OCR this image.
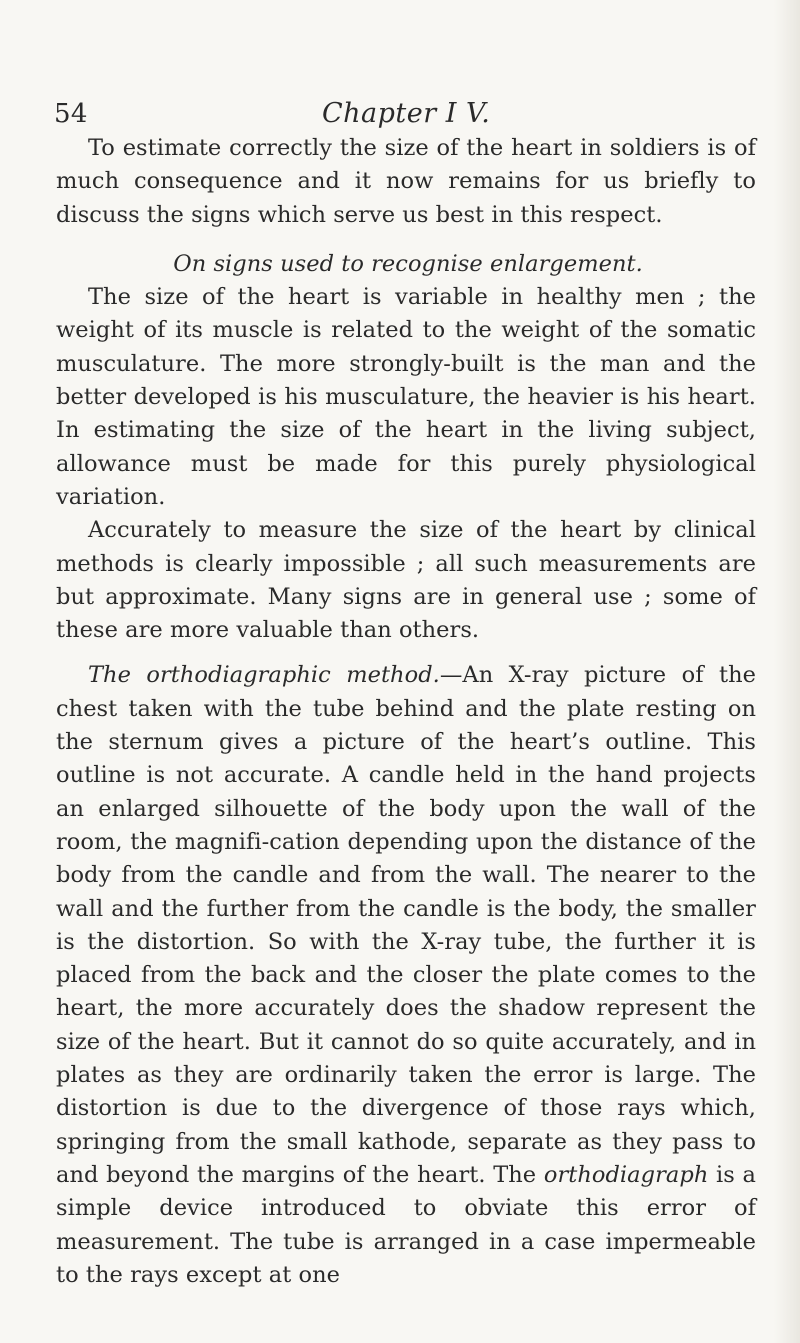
54	Chapter I V.

To estimate correctly the size of the heart in soldiers is of much consequence and it now remains for us briefly to discuss the signs which serve us best in this respect.

On signs used to recognise enlargement.

The size of the heart is variable in healthy men ; the weight of its muscle is related to the weight of the somatic musculature. The more strongly-built is the man and the better developed is his musculature, the heavier is his heart. In estimating the size of the heart in the living subject, allowance must be made for this purely physiological variation.

Accurately to measure the size of the heart by clinical methods is clearly impossible ; all such measurements are but approximate. Many signs are in general use ; some of these are more valuable than others.

The orthodiagraphic method.—An X-ray picture of the chest taken with the tube behind and the plate resting on the sternum gives a picture of the heart’s outline. This outline is not accurate. A candle held in the hand projects an enlarged silhouette of the body upon the wall of the room, the magnifi-cation depending upon the distance of the body from the candle and from the wall. The nearer to the wall and the further from the candle is the body, the smaller is the distortion. So with the X-ray tube, the further it is placed from the back and the closer the plate comes to the heart, the more accurately does the shadow represent the size of the heart. But it cannot do so quite accurately, and in plates as they are ordinarily taken the error is large. The distortion is due to the divergence of those rays which, springing from the small kathode, separate as they pass to and beyond the margins of the heart. The orthodiagraph is a simple device introduced to obviate this error of measurement. The tube is arranged in a case impermeable to the rays except at one
